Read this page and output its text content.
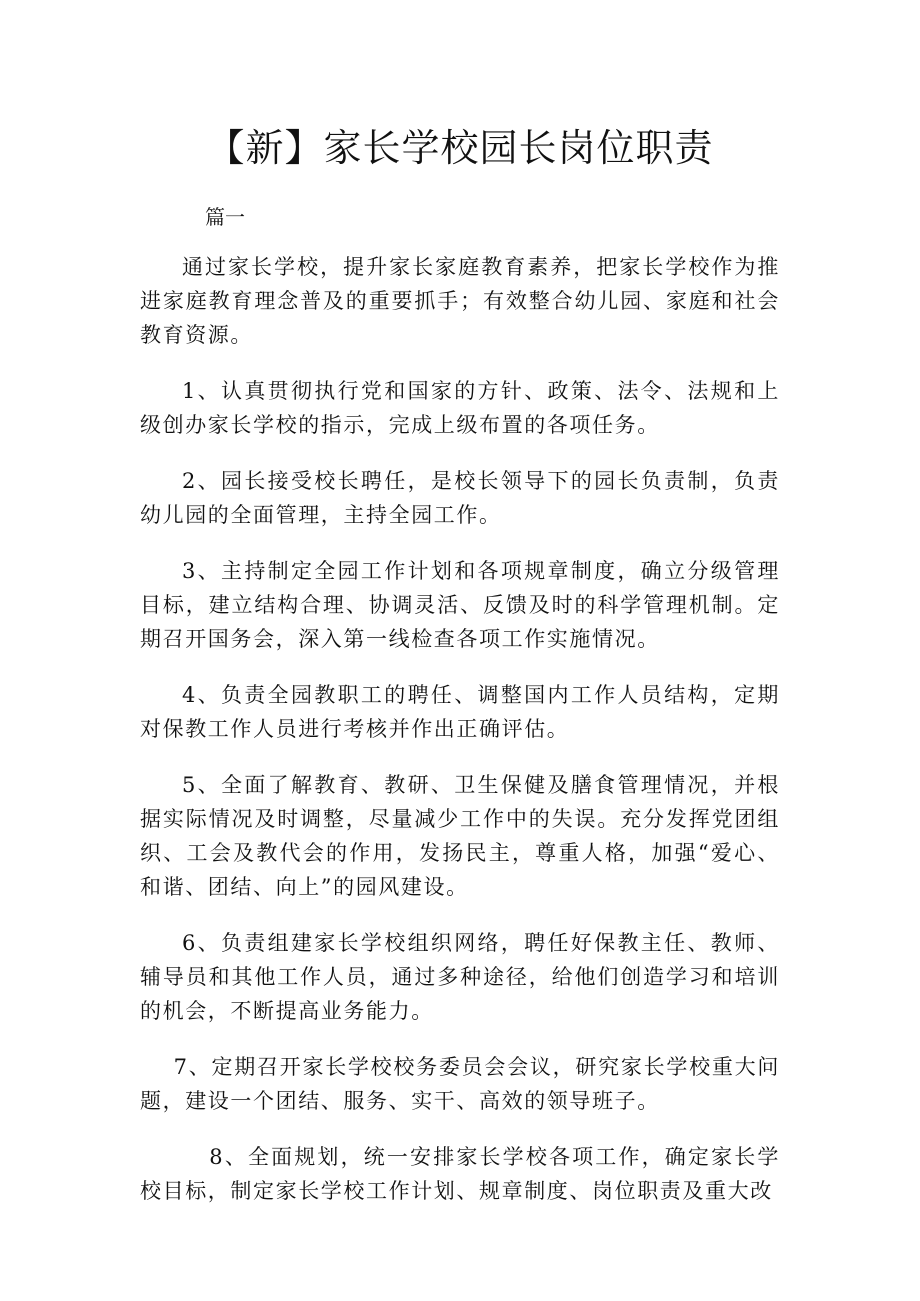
【新】家长学校园长岗位职责

篇一

通过家长学校，提升家长家庭教育素养，把家长学校作为推进家庭教育理念普及的重要抓手；有效整合幼儿园、家庭和社会教育资源。

1、认真贯彻执行党和国家的方针、政策、法令、法规和上级创办家长学校的指示，完成上级布置的各项任务。

2、园长接受校长聘任，是校长领导下的园长负责制，负责幼儿园的全面管理，主持全园工作。

3、主持制定全园工作计划和各项规章制度，确立分级管理目标，建立结构合理、协调灵活、反馈及时的科学管理机制。定期召开国务会，深入第一线检查各项工作实施情况。

4、负责全园教职工的聘任、调整国内工作人员结构，定期对保教工作人员进行考核并作出正确评估。

5、全面了解教育、教研、卫生保健及膳食管理情况，并根据实际情况及时调整，尽量减少工作中的失误。充分发挥党团组织、工会及教代会的作用，发扬民主，尊重人格，加强“爱心、和谐、团结、向上”的园风建设。

6、负责组建家长学校组织网络，聘任好保教主任、教师、辅导员和其他工作人员，通过多种途径，给他们创造学习和培训的机会，不断提高业务能力。

7、定期召开家长学校校务委员会会议，研究家长学校重大问题，建设一个团结、服务、实干、高效的领导班子。

8、全面规划，统一安排家长学校各项工作，确定家长学校目标，制定家长学校工作计划、规章制度、岗位职责及重大改
